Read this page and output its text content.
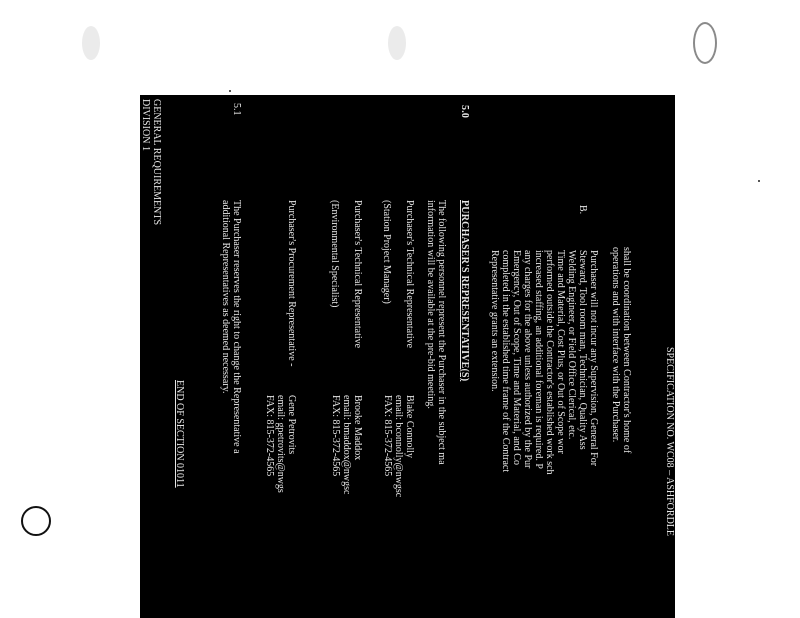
SPECIFICATION NO. WC08 – ASHFORDLE
DIVISION 1 GENERAL REQUIREMENTS
shall be coordination between Contractor's home of
operations and with interface with the Purchaser.
B.
Purchaser will not incur any Supervision, General For
Steward, Tool room man, Technician, Quality Ass
Welding Engineer, or Field Office Clerical, etc.
Time and Material, Cost Plus, or Out of Scope wor
performed outside the Contractor's established work sch
increased staffing, an additional foreman is required. P
any charges for the above unless authorized by the Pur
Emergency, Out of Scope, Time and Material, and Co
completed in the established time frame of the Contract
Representative grants an extension.
5.0
PURCHASER'S REPRESENTATIVE(S)
The following personnel represent the Purchaser in the subject ma
information will be available at the pre-bid meeting.
Purchaser's Technical Representative
(Station Project Manager)
Blake Connolly
email: bconnolly@nwgsc
FAX: 815-372-4565
Purchaser's Technical Representative
(Environmental Specialist)
Brooke Maddox
email: bmaddox@nwgsc
FAX: 815-372-4565
Purchaser's Procurement Representative -
Gene Petrovits
email: gpetrovits@nwgs
FAX: 815-372-4565
5.1
The Purchaser reserves the right to change the Representative a
additional Representatives as deemed necessary.
END OF SECTION 01011
